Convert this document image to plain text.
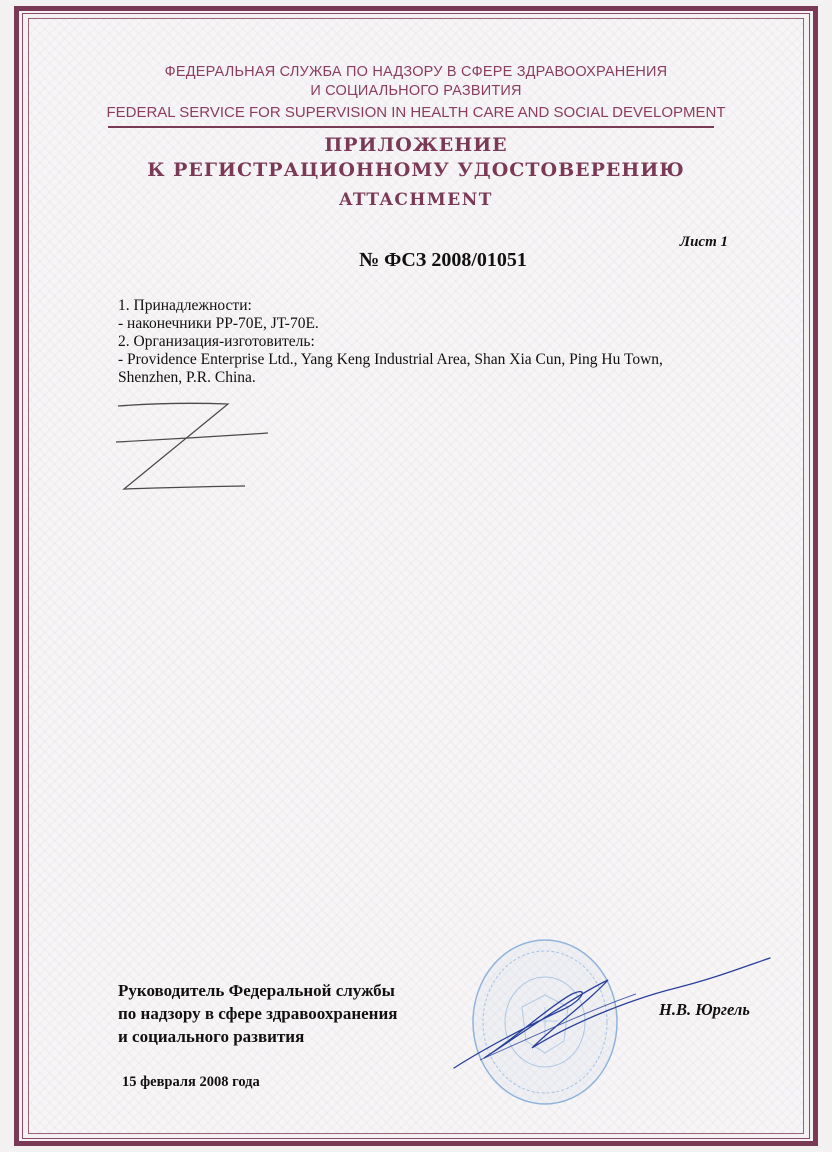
ФЕДЕРАЛЬНАЯ СЛУЖБА ПО НАДЗОРУ В СФЕРЕ ЗДРАВООХРАНЕНИЯ
И СОЦИАЛЬНОГО РАЗВИТИЯ
FEDERAL SERVICE FOR SUPERVISION IN HEALTH CARE AND SOCIAL DEVELOPMENT
ПРИЛОЖЕНИЕ
К РЕГИСТРАЦИОННОМУ УДОСТОВЕРЕНИЮ
ATTACHMENT
Лист 1
№ ФСЗ 2008/01051
1. Принадлежности:
- наконечники PP-70E, JT-70E.
2. Организация-изготовитель:
- Providence Enterprise Ltd., Yang Keng Industrial Area, Shan Xia Cun, Ping Hu Town,
Shenzhen, P.R. China.
Руководитель Федеральной службы
по надзору в сфере здравоохранения
и социального развития
Н.В. Юргель
15 февраля 2008 года
